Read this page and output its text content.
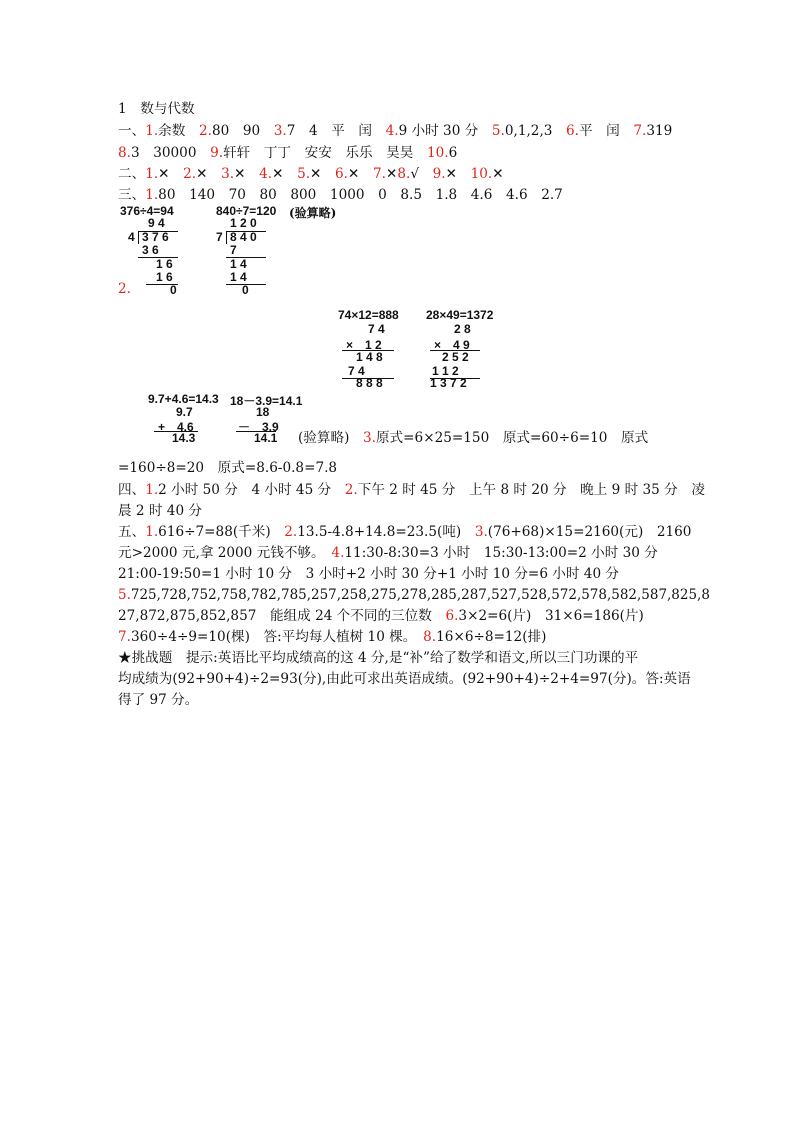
1　数与代数
一、1.余数　2.80　90　3.7　4　平　闰　4.9 小时 30 分　5.0,1,2,3　6.平　闰　7.319
8.3　30000　9.轩轩　丁丁　安安　乐乐　昊昊　10.6
二、1.✕　2.✕　3.✕　4.✕　5.✕　6.✕　7.✕8.√　9.✕　10.✕
三、1.80　140　70　80　800　1000　0　8.5　1.8　4.6　4.6　2.7
376÷4=94
9 4
4 3 7 6
3 6
1 6
1 6
0
840÷7=120
1 2 0
7 8 4 0
7
1 4
1 4
0
(验算略)
2.
74×12=888
7 4
×　1 2
1 4 8
7 4
8 8 8
28×49=1372
2 8
×　4 9
2 5 2
1 1 2
1 3 7 2
9.7+4.6=14.3
9.7
+　4.6
14.3
18－3.9=14.1
18
－　3.9
14.1 (验算略)　3.原式=6×25=150　原式=60÷6=10　原式
=160÷8=20　原式=8.6-0.8=7.8
四、1.2 小时 50 分　4 小时 45 分　2.下午 2 时 45 分　上午 8 时 20 分　晚上 9 时 35 分　凌
晨 2 时 40 分
五、1.616÷7=88(千米)　2.13.5-4.8+14.8=23.5(吨)　3.(76+68)×15=2160(元)　2160
元>2000 元,拿 2000 元钱不够。　4.11:30-8:30=3 小时　15:30-13:00=2 小时 30 分
21:00-19:50=1 小时 10 分　3 小时+2 小时 30 分+1 小时 10 分=6 小时 40 分
5.725,728,752,758,782,785,257,258,275,278,285,287,527,528,572,578,582,587,825,8
27,872,875,852,857　能组成 24 个不同的三位数　6.3×2=6(片)　31×6=186(片)
7.360÷4÷9=10(棵)　答:平均每人植树 10 棵。　8.16×6÷8=12(排)
★挑战题　提示:英语比平均成绩高的这 4 分,是“补”给了数学和语文,所以三门功课的平
均成绩为(92+90+4)÷2=93(分),由此可求出英语成绩。(92+90+4)÷2+4=97(分)。答:英语
得了 97 分。
